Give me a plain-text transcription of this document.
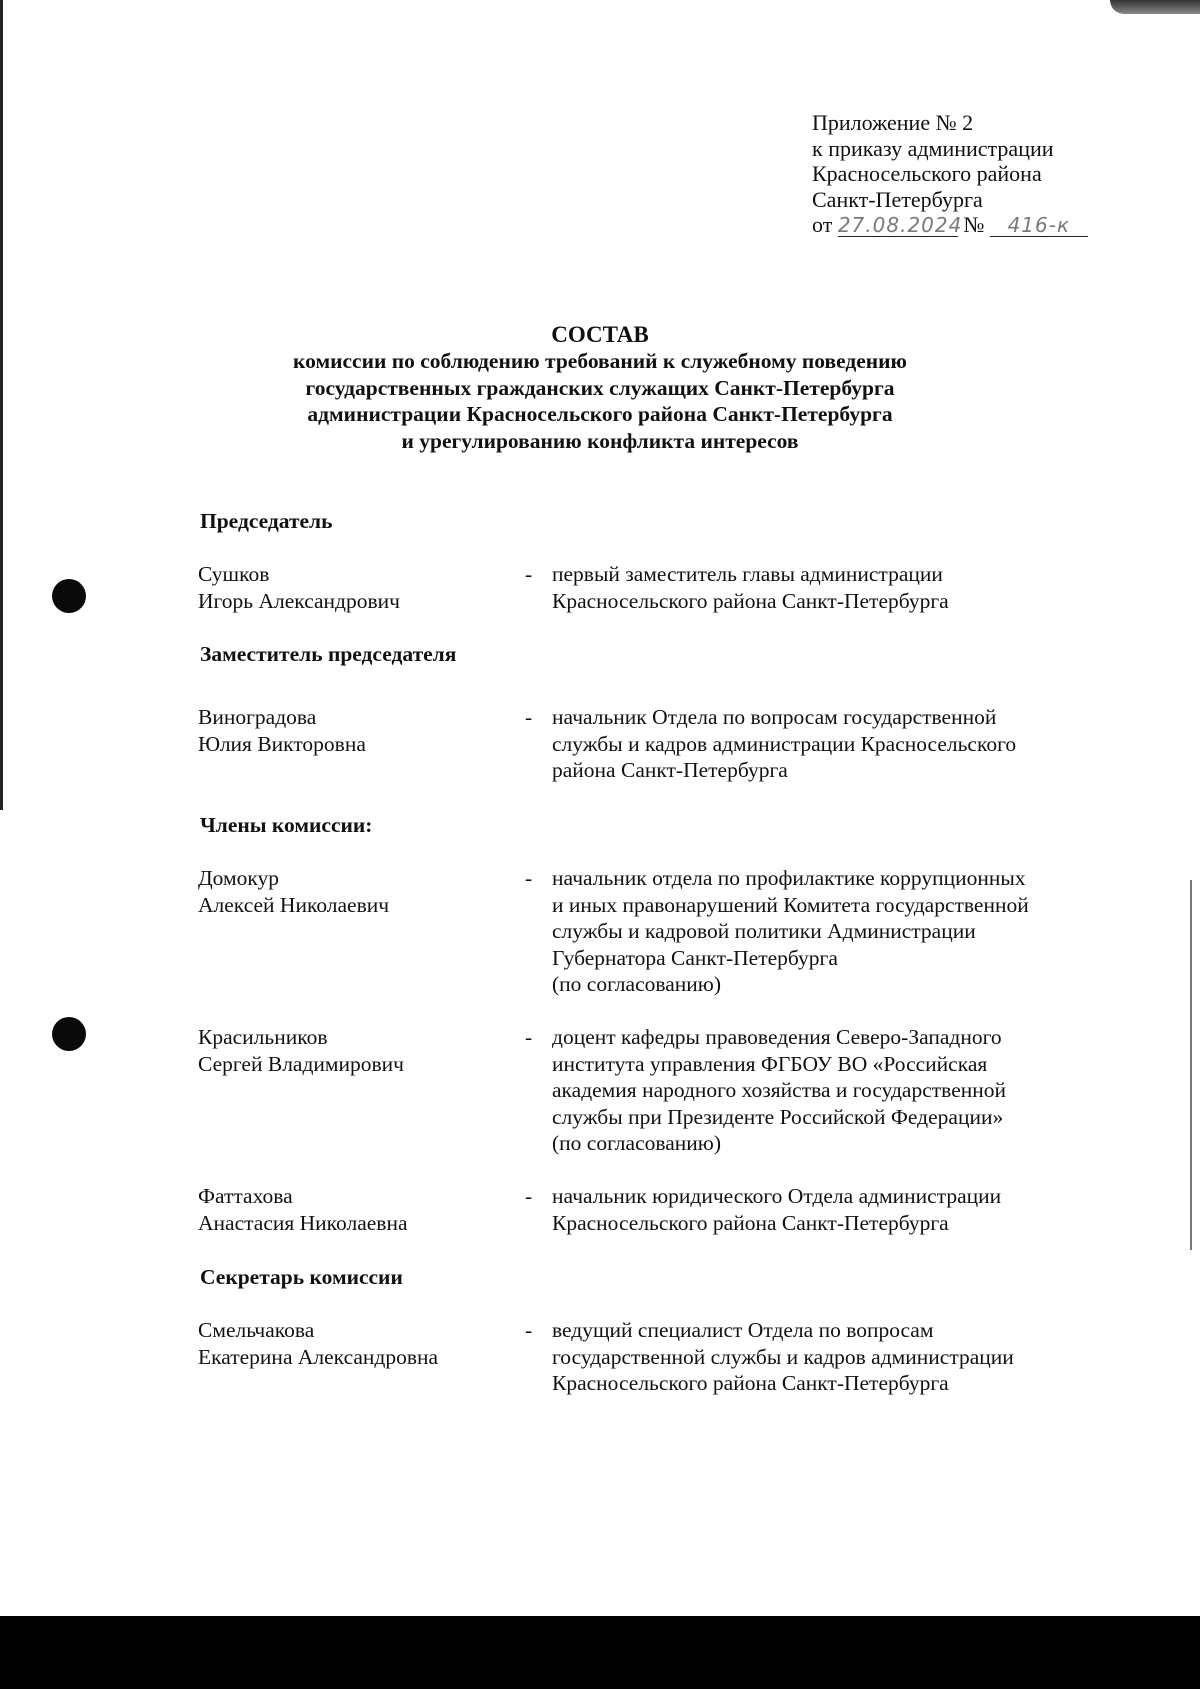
Приложение № 2
к приказу администрации
Красносельского района
Санкт-Петербурга
от 27.08.2024 № 416-к
СОСТАВ
комиссии по соблюдению требований к служебному поведению
государственных гражданских служащих Санкт-Петербурга
администрации Красносельского района Санкт-Петербурга
и урегулированию конфликта интересов
Председатель
Сушков
Игорь Александрович
- первый заместитель главы администрации
Красносельского района Санкт-Петербурга
Заместитель председателя
Виноградова
Юлия Викторовна
- начальник Отдела по вопросам государственной
службы и кадров администрации Красносельского
района Санкт-Петербурга
Члены комиссии:
Домокур
Алексей Николаевич
- начальник отдела по профилактике коррупционных
и иных правонарушений Комитета государственной
службы и кадровой политики Администрации
Губернатора Санкт-Петербурга
(по согласованию)
Красильников
Сергей Владимирович
- доцент кафедры правоведения Северо-Западного
института управления ФГБОУ ВО «Российская
академия народного хозяйства и государственной
службы при Президенте Российской Федерации»
(по согласованию)
Фаттахова
Анастасия Николаевна
- начальник юридического Отдела администрации
Красносельского района Санкт-Петербурга
Секретарь комиссии
Смельчакова
Екатерина Александровна
- ведущий специалист Отдела по вопросам
государственной службы и кадров администрации
Красносельского района Санкт-Петербурга
